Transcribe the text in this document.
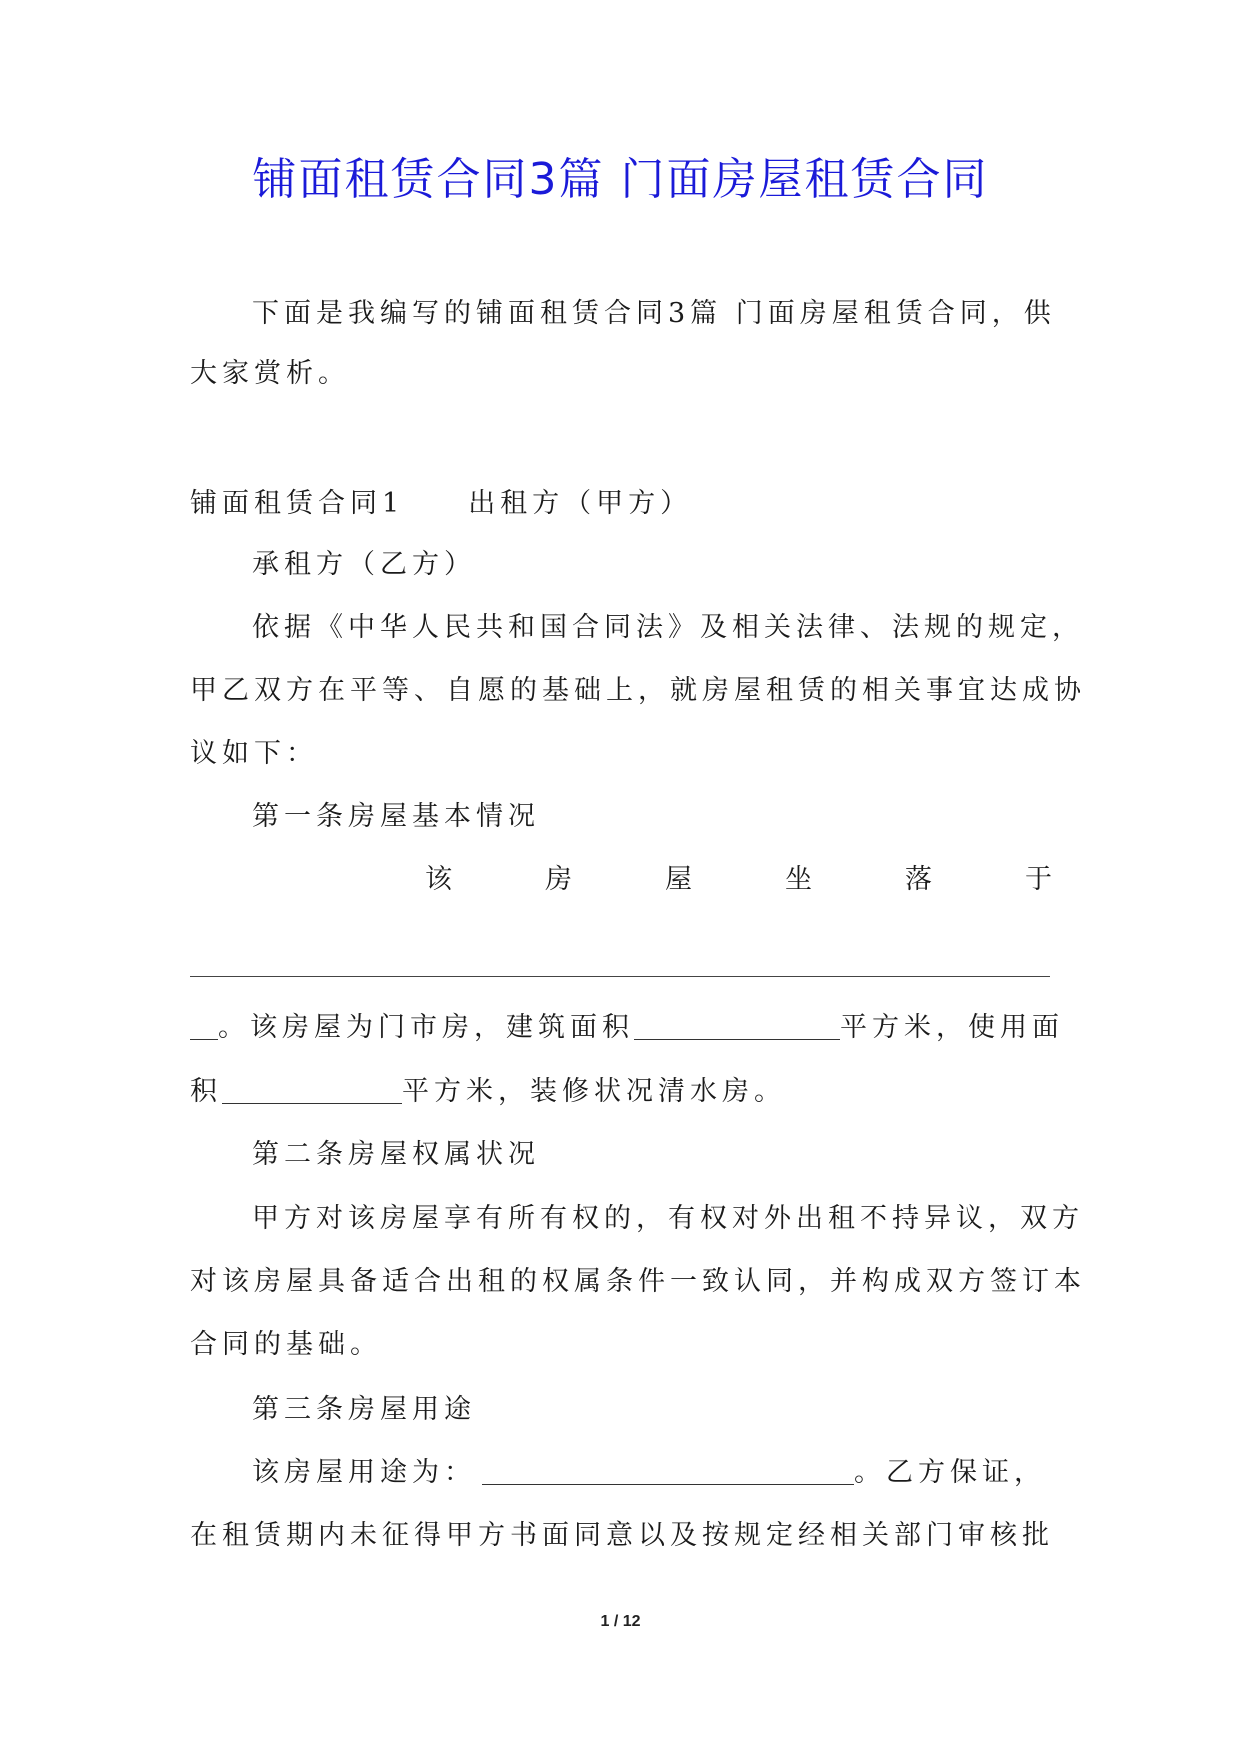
铺面租赁合同3篇 门面房屋租赁合同
下面是我编写的铺面租赁合同3篇 门面房屋租赁合同，供
大家赏析。
铺面租赁合同1 出租方（甲方）
承租方（乙方）
依据《中华人民共和国合同法》及相关法律、法规的规定，
甲乙双方在平等、自愿的基础上，就房屋租赁的相关事宜达成协
议如下：
第一条房屋基本情况
该	房	屋	坐	落	于
。该房屋为门市房，建筑面积	平方米，使用面
积	平方米，装修状况清水房。
第二条房屋权属状况
甲方对该房屋享有所有权的，有权对外出租不持异议，双方
对该房屋具备适合出租的权属条件一致认同，并构成双方签订本
合同的基础。
第三条房屋用途
该房屋用途为：	。乙方保证，
在租赁期内未征得甲方书面同意以及按规定经相关部门审核批
1 / 12
